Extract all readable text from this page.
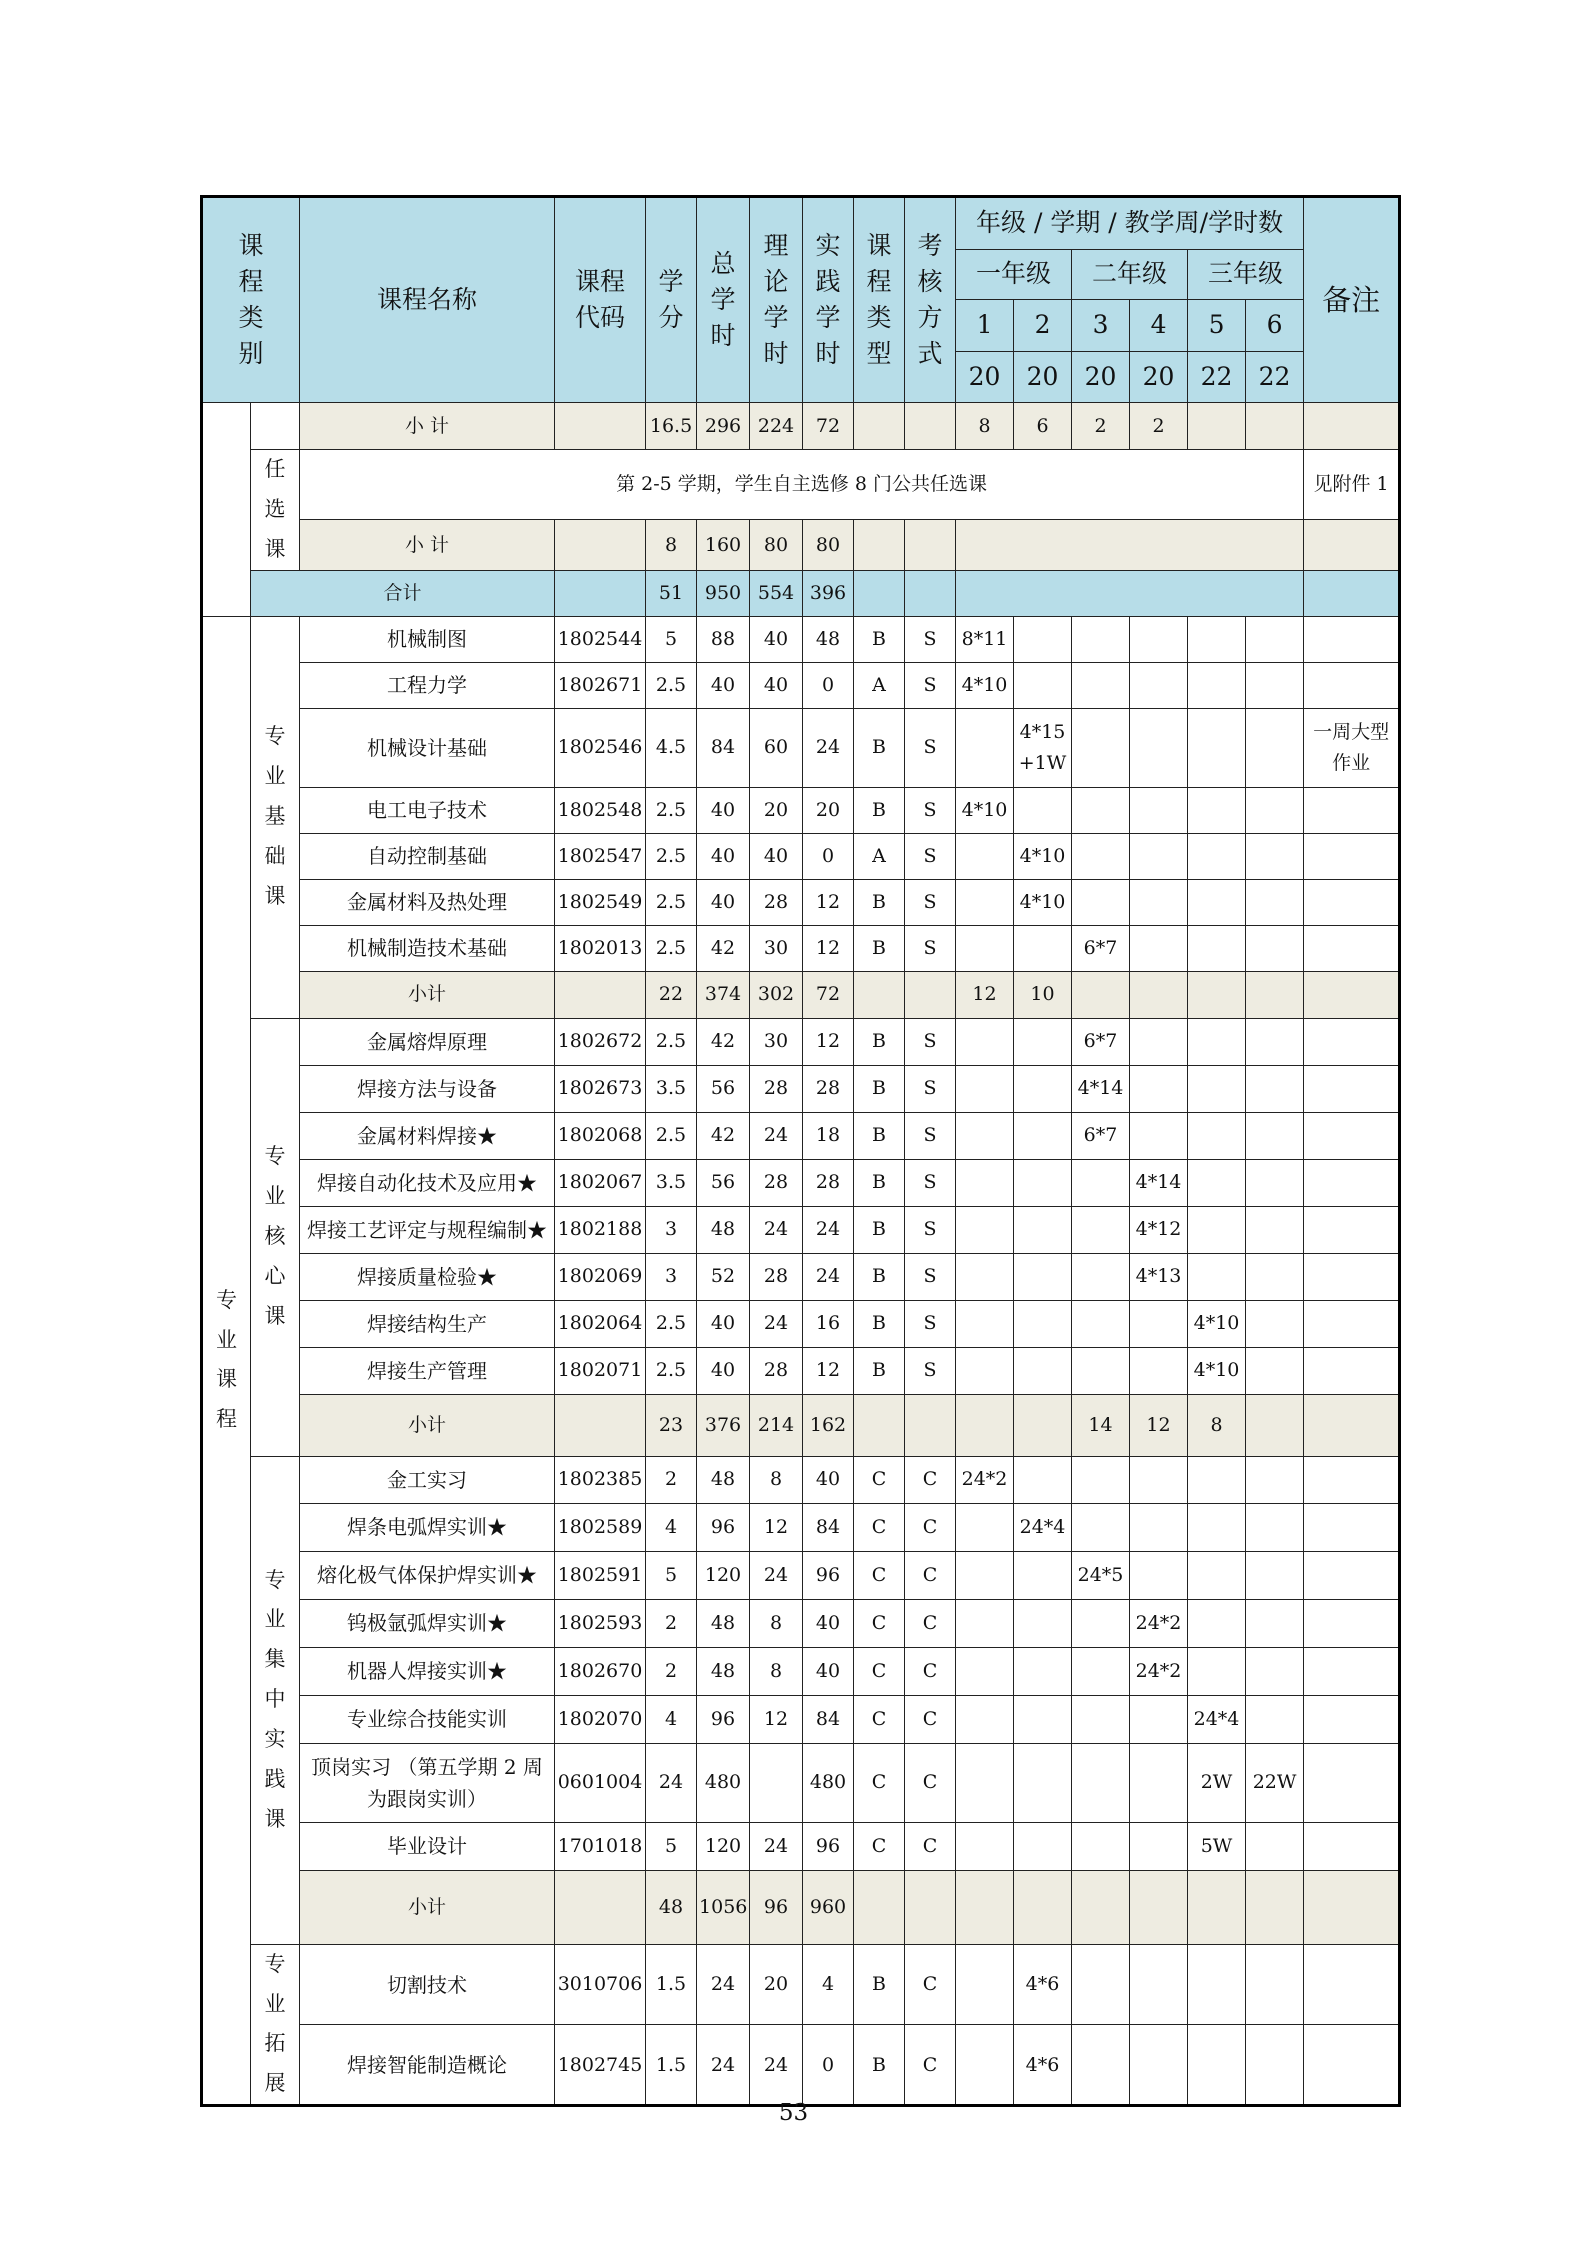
课程类别		课程名称	课程代码	学分	总学时	理论学时	实践学时	课程类型	考核方式	年级 / 学期 / 教学周/学时数						备注
										一年级		二年级		三年级		
										1	2	3	4	5	6	
										20	20	20	20	22	22	
		小 计		16.5	296	224	72			8	6	2	2			
	任选课	第 2-5 学期，学生自主选修 8 门公共任选课														见附件 1
		小 计		8	160	80	80									
	合计			51	950	554	396									
专业课程	专业基础课	机械制图	1802544	5	88	40	48	B	S	8*11						
		工程力学	1802671	2.5	40	40	0	A	S	4*10						
		机械设计基础	1802546	4.5	84	60	24	B	S		4*15 +1W					一周大型作业
		电工电子技术	1802548	2.5	40	20	20	B	S	4*10						
		自动控制基础	1802547	2.5	40	40	0	A	S		4*10					
		金属材料及热处理	1802549	2.5	40	28	12	B	S		4*10					
		机械制造技术基础	1802013	2.5	42	30	12	B	S			6*7				
		小计		22	374	302	72			12	10					
	专业核心课	金属熔焊原理	1802672	2.5	42	30	12	B	S			6*7				
		焊接方法与设备	1802673	3.5	56	28	28	B	S			4*14				
		金属材料焊接★	1802068	2.5	42	24	18	B	S			6*7				
		焊接自动化技术及应用★	1802067	3.5	56	28	28	B	S				4*14			
		焊接工艺评定与规程编制★	1802188	3	48	24	24	B	S				4*12			
		焊接质量检验★	1802069	3	52	28	24	B	S				4*13			
		焊接结构生产	1802064	2.5	40	24	16	B	S					4*10		
		焊接生产管理	1802071	2.5	40	28	12	B	S					4*10		
		小计		23	376	214	162					14	12	8		
	专业集中实践课	金工实习	1802385	2	48	8	40	C	C	24*2						
		焊条电弧焊实训★	1802589	4	96	12	84	C	C		24*4					
		熔化极气体保护焊实训★	1802591	5	120	24	96	C	C			24*5				
		钨极氩弧焊实训★	1802593	2	48	8	40	C	C				24*2			
		机器人焊接实训★	1802670	2	48	8	40	C	C				24*2			
		专业综合技能实训	1802070	4	96	12	84	C	C					24*4		
		顶岗实习 （第五学期 2 周为跟岗实训）	0601004	24	480		480	C	C					2W	22W	
		毕业设计	1701018	5	120	24	96	C	C					5W		
		小计		48	1056	96	960									
	专业拓展	切割技术	3010706	1.5	24	20	4	B	C		4*6					
		焊接智能制造概论	1802745	1.5	24	24	0	B	C		4*6					
53
